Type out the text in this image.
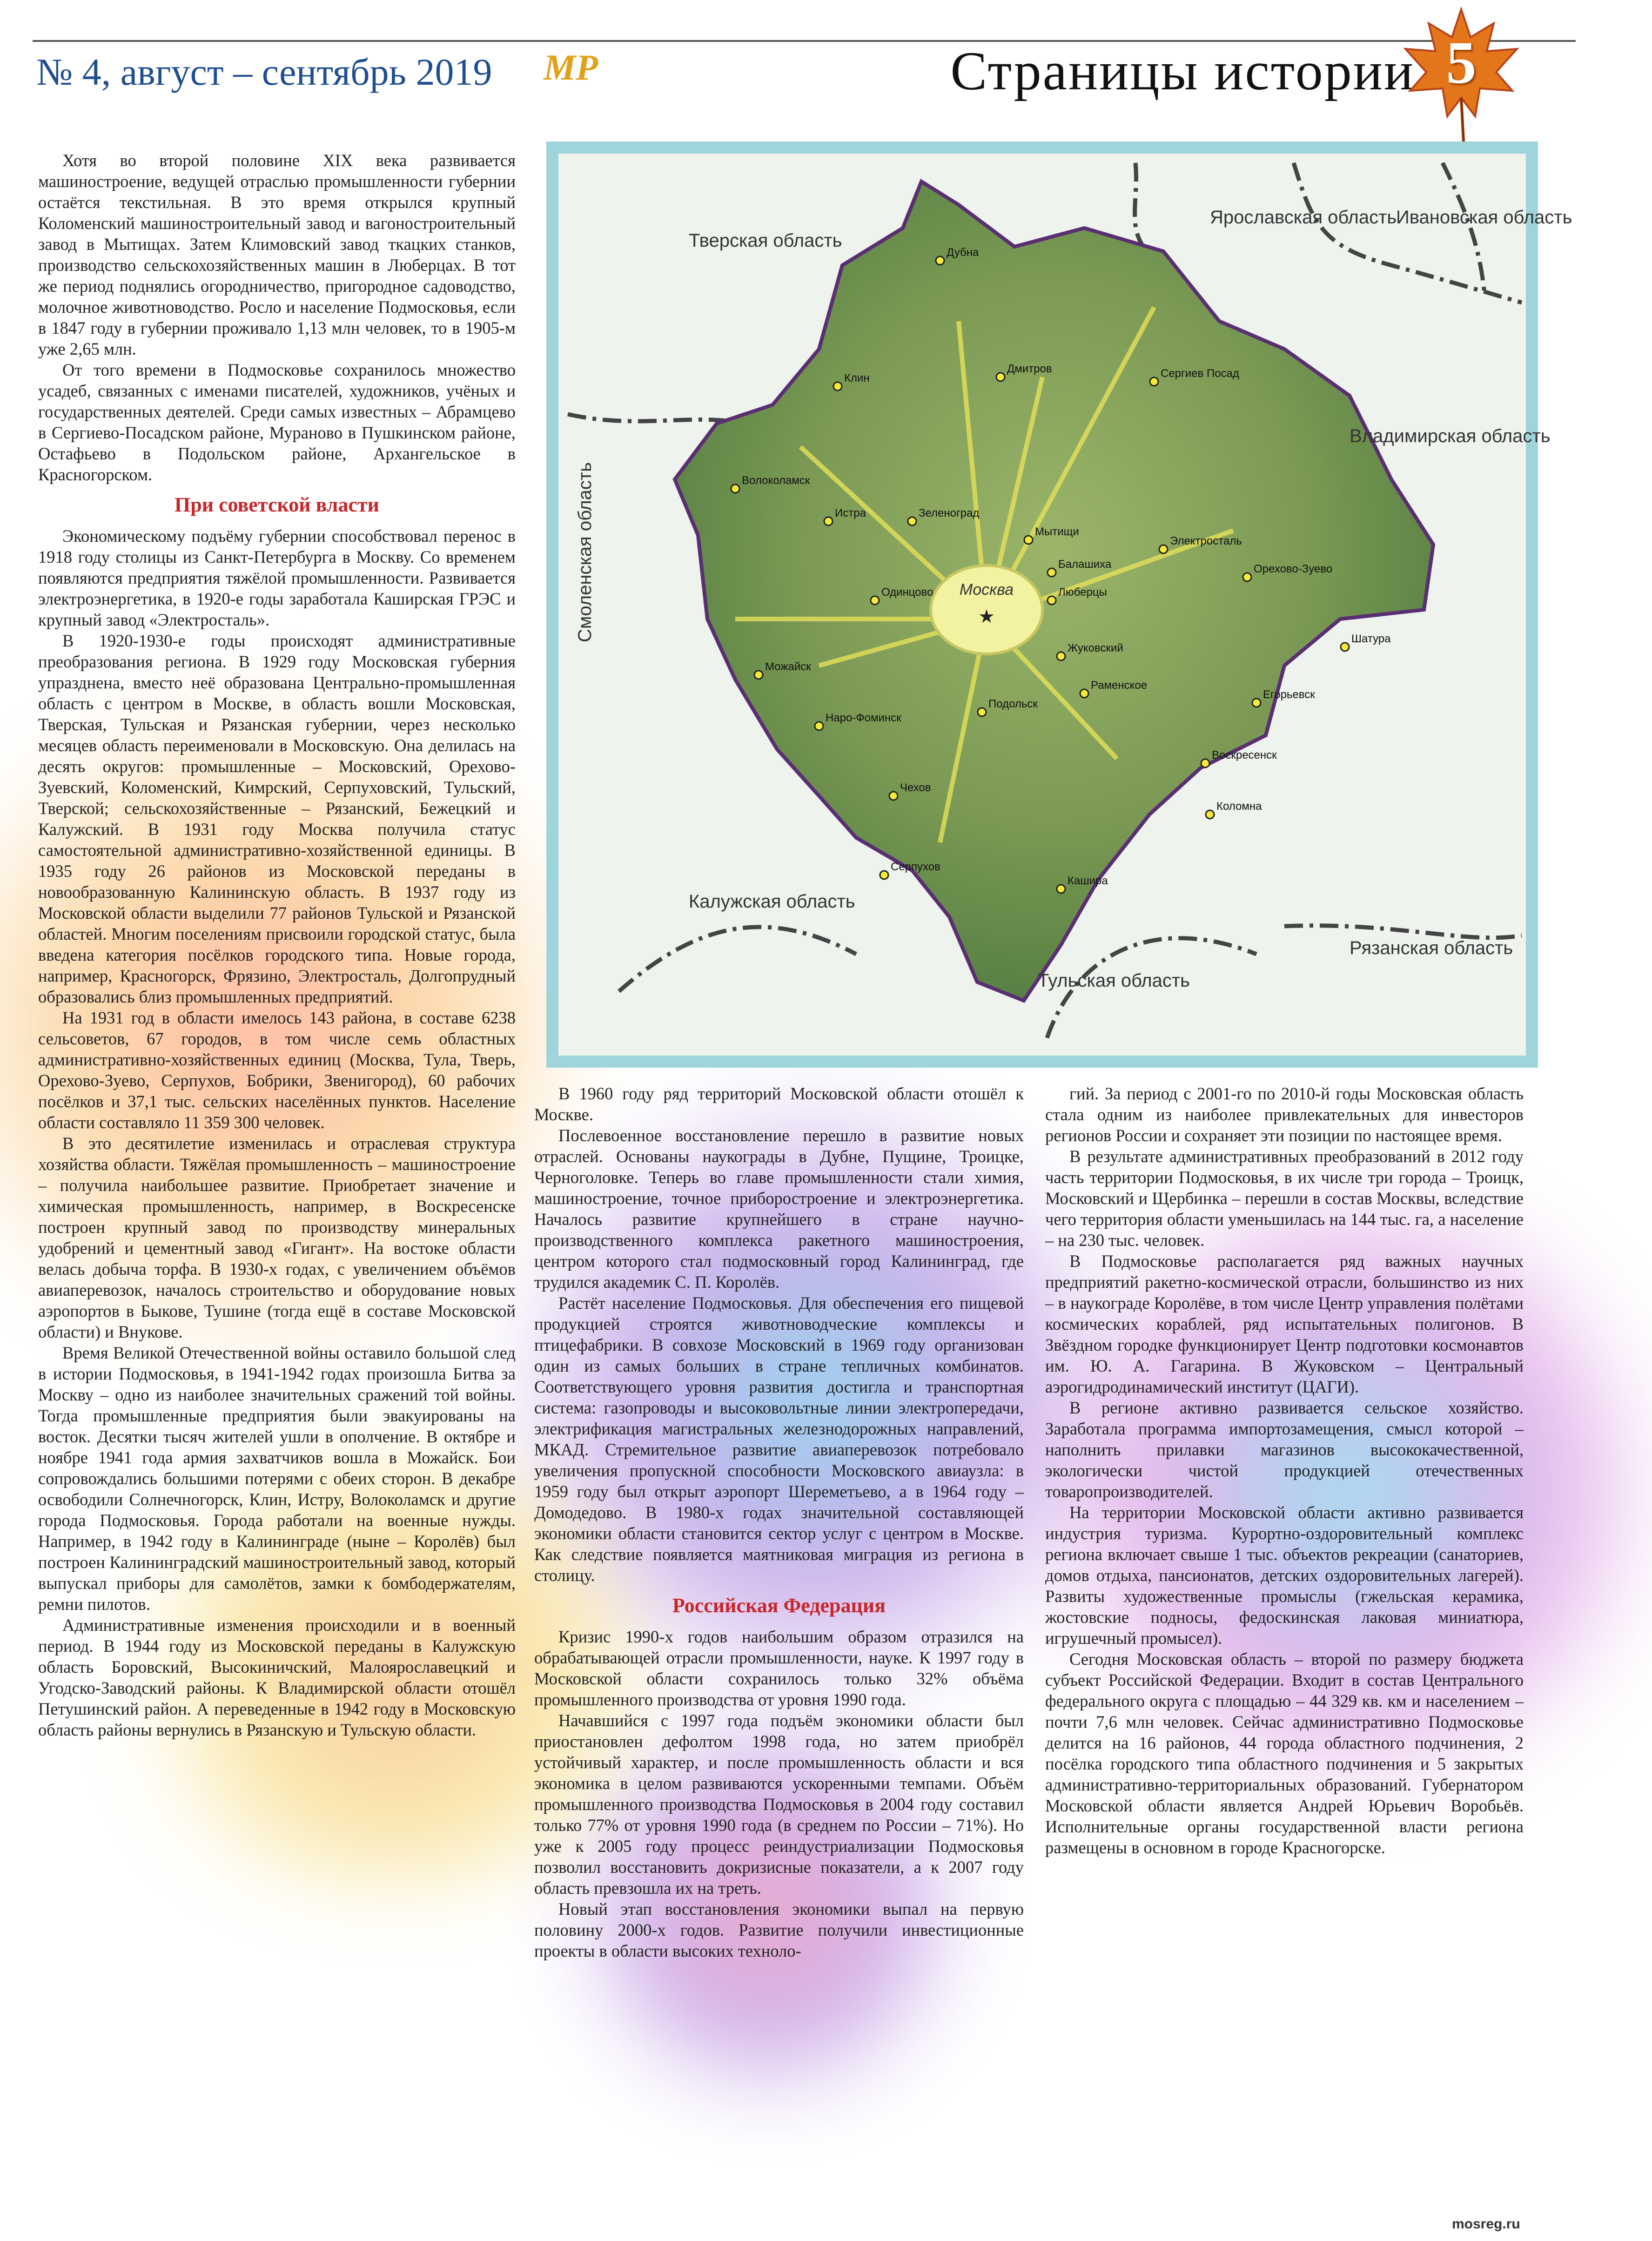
№ 4, август – сентябрь 2019 МР	Страницы истории 5

Хотя во второй половине XIX века развивается машиностроение, ведущей отраслью промышленности губернии остаётся текстильная. В это время открылся крупный Коломенский машиностроительный завод и вагоностроительный завод в Мытищах. Затем Климовский завод ткацких станков, производство сельскохозяйственных машин в Люберцах. В тот же период поднялись огородничество, пригородное садоводство, молочное животноводство. Росло и население Подмосковья, если в 1847 году в губернии проживало 1,13 млн человек, то в 1905-м уже 2,65 млн.

От того времени в Подмосковье сохранилось множество усадеб, связанных с именами писателей, художников, учёных и государственных деятелей. Среди самых известных – Абрамцево в Сергиево-Посадском районе, Мураново в Пушкинском районе, Остафьево в Подольском районе, Архангельское в Красногорском.

При советской власти

Экономическому подъёму губернии способствовал перенос в 1918 году столицы из Санкт-Петербурга в Москву. Со временем появляются предприятия тяжёлой промышленности. Развивается электроэнергетика, в 1920-е годы заработала Каширская ГРЭС и крупный завод «Электросталь».

В 1920-1930-е годы происходят административные преобразования региона. В 1929 году Московская губерния упразднена, вместо неё образована Центрально-промышленная область с центром в Москве, в область вошли Московская, Тверская, Тульская и Рязанская губернии, через несколько месяцев область переименовали в Московскую. Она делилась на десять округов: промышленные – Московский, Орехово-Зуевский, Коломенский, Кимрский, Серпуховский, Тульский, Тверской; сельскохозяйственные – Рязанский, Бежецкий и Калужский. В 1931 году Москва получила статус самостоятельной административно-хозяйственной единицы. В 1935 году 26 районов из Московской переданы в новообразованную Калининскую область. В 1937 году из Московской области выделили 77 районов Тульской и Рязанской областей. Многим поселениям присвоили городской статус, была введена категория посёлков городского типа. Новые города, например, Красногорск, Фрязино, Электросталь, Долгопрудный образовались близ промышленных предприятий.

На 1931 год в области имелось 143 района, в составе 6238 сельсоветов, 67 городов, в том числе семь областных административно-хозяйственных единиц (Москва, Тула, Тверь, Орехово-Зуево, Серпухов, Бобрики, Звенигород), 60 рабочих посёлков и 37,1 тыс. сельских населённых пунктов. Население области составляло 11 359 300 человек.

В это десятилетие изменилась и отраслевая структура хозяйства области. Тяжёлая промышленность – машиностроение – получила наибольшее развитие. Приобретает значение и химическая промышленность, например, в Воскресенске построен крупный завод по производству минеральных удобрений и цементный завод «Гигант». На востоке области велась добыча торфа. В 1930-х годах, с увеличением объёмов авиаперевозок, началось строительство и оборудование новых аэропортов в Быкове, Тушине (тогда ещё в составе Московской области) и Внукове.

Время Великой Отечественной войны оставило большой след в истории Подмосковья, в 1941-1942 годах произошла Битва за Москву – одно из наиболее значительных сражений той войны. Тогда промышленные предприятия были эвакуированы на восток. Десятки тысяч жителей ушли в ополчение. В октябре и ноябре 1941 года армия захватчиков вошла в Можайск. Бои сопровождались большими потерями с обеих сторон. В декабре освободили Солнечногорск, Клин, Истру, Волоколамск и другие города Подмосковья. Города работали на военные нужды. Например, в 1942 году в Калининграде (ныне – Королёв) был построен Калининградский машиностроительный завод, который выпускал приборы для самолётов, замки к бомбодержателям, ремни пилотов.

Административные изменения происходили и в военный период. В 1944 году из Московской переданы в Калужскую область Боровский, Высокиничский, Малоярославецкий и Угодско-Заводский районы. К Владимирской области отошёл Петушинский район. А переведенные в 1942 году в Московскую область районы вернулись в Рязанскую и Тульскую области.

Москва
★
Тверская область
Ярославская область
Ивановская область
Владимирская область
Смоленская область
Калужская область
Тульская область
Рязанская область
Дубна
Клин
Дмитров	Сергиев Посад
Волоколамск
Истра	Зеленоград
Мытищи
Балашиха
Электросталь
Орехово-Зуево
Люберцы
Одинцово
Можайск
Жуковский
Раменское
Шатура
Наро-Фоминск
Подольск
Егорьевск
Воскресенск
Чехов
Коломна
Серпухов
Кашира

В 1960 году ряд территорий Московской области отошёл к Москве.

Послевоенное восстановление перешло в развитие новых отраслей. Основаны наукограды в Дубне, Пущине, Троицке, Черноголовке. Теперь во главе промышленности стали химия, машиностроение, точное приборостроение и электроэнергетика. Началось развитие крупнейшего в стране научно-производственного комплекса ракетного машиностроения, центром которого стал подмосковный город Калининград, где трудился академик С. П. Королёв.

Растёт население Подмосковья. Для обеспечения его пищевой продукцией строятся животноводческие комплексы и птицефабрики. В совхозе Московский в 1969 году организован один из самых больших в стране тепличных комбинатов. Соответствующего уровня развития достигла и транспортная система: газопроводы и высоковольтные линии электропередачи, электрификация магистральных железнодорожных направлений, МКАД. Стремительное развитие авиаперевозок потребовало увеличения пропускной способности Московского авиаузла: в 1959 году был открыт аэропорт Шереметьево, а в 1964 году – Домодедово. В 1980-х годах значительной составляющей экономики области становится сектор услуг с центром в Москве. Как следствие появляется маятниковая миграция из региона в столицу.

Российская Федерация

Кризис 1990-х годов наибольшим образом отразился на обрабатывающей отрасли промышленности, науке. К 1997 году в Московской области сохранилось только 32% объёма промышленного производства от уровня 1990 года.

Начавшийся с 1997 года подъём экономики области был приостановлен дефолтом 1998 года, но затем приобрёл устойчивый характер, и после промышленность области и вся экономика в целом развиваются ускоренными темпами. Объём промышленного производства Подмосковья в 2004 году составил только 77% от уровня 1990 года (в среднем по России – 71%). Но уже к 2005 году процесс реиндустриализации Подмосковья позволил восстановить докризисные показатели, а к 2007 году область превзошла их на треть.

Новый этап восстановления экономики выпал на первую половину 2000-х годов. Развитие получили инвестиционные проекты в области высоких техноло-

гий. За период с 2001-го по 2010-й годы Московская область стала одним из наиболее привлекательных для инвесторов регионов России и сохраняет эти позиции по настоящее время.

В результате административных преобразований в 2012 году часть территории Подмосковья, в их числе три города – Троицк, Московский и Щербинка – перешли в состав Москвы, вследствие чего территория области уменьшилась на 144 тыс. га, а население – на 230 тыс. человек.

В Подмосковье располагается ряд важных научных предприятий ракетно-космической отрасли, большинство из них – в наукограде Королёве, в том числе Центр управления полётами космических кораблей, ряд испытательных полигонов. В Звёздном городке функционирует Центр подготовки космонавтов им. Ю. А. Гагарина. В Жуковском – Центральный аэрогидродинамический институт (ЦАГИ).

В регионе активно развивается сельское хозяйство. Заработала программа импортозамещения, смысл которой – наполнить прилавки магазинов высококачественной, экологически чистой продукцией отечественных товаропроизводителей.

На территории Московской области активно развивается индустрия туризма. Курортно-оздоровительный комплекс региона включает свыше 1 тыс. объектов рекреации (санаториев, домов отдыха, пансионатов, детских оздоровительных лагерей). Развиты художественные промыслы (гжельская керамика, жостовские подносы, федоскинская лаковая миниатюра, игрушечный промысел).

Сегодня Московская область – второй по размеру бюджета субъект Российской Федерации. Входит в состав Центрального федерального округа с площадью – 44 329 кв. км и населением – почти 7,6 млн человек. Сейчас административно Подмосковье делится на 16 районов, 44 города областного подчинения, 2 посёлка городского типа областного подчинения и 5 закрытых административно-территориальных образований. Губернатором Московской области является Андрей Юрьевич Воробьёв. Исполнительные органы государственной власти региона размещены в основном в городе Красногорске.

mosreg.ru
